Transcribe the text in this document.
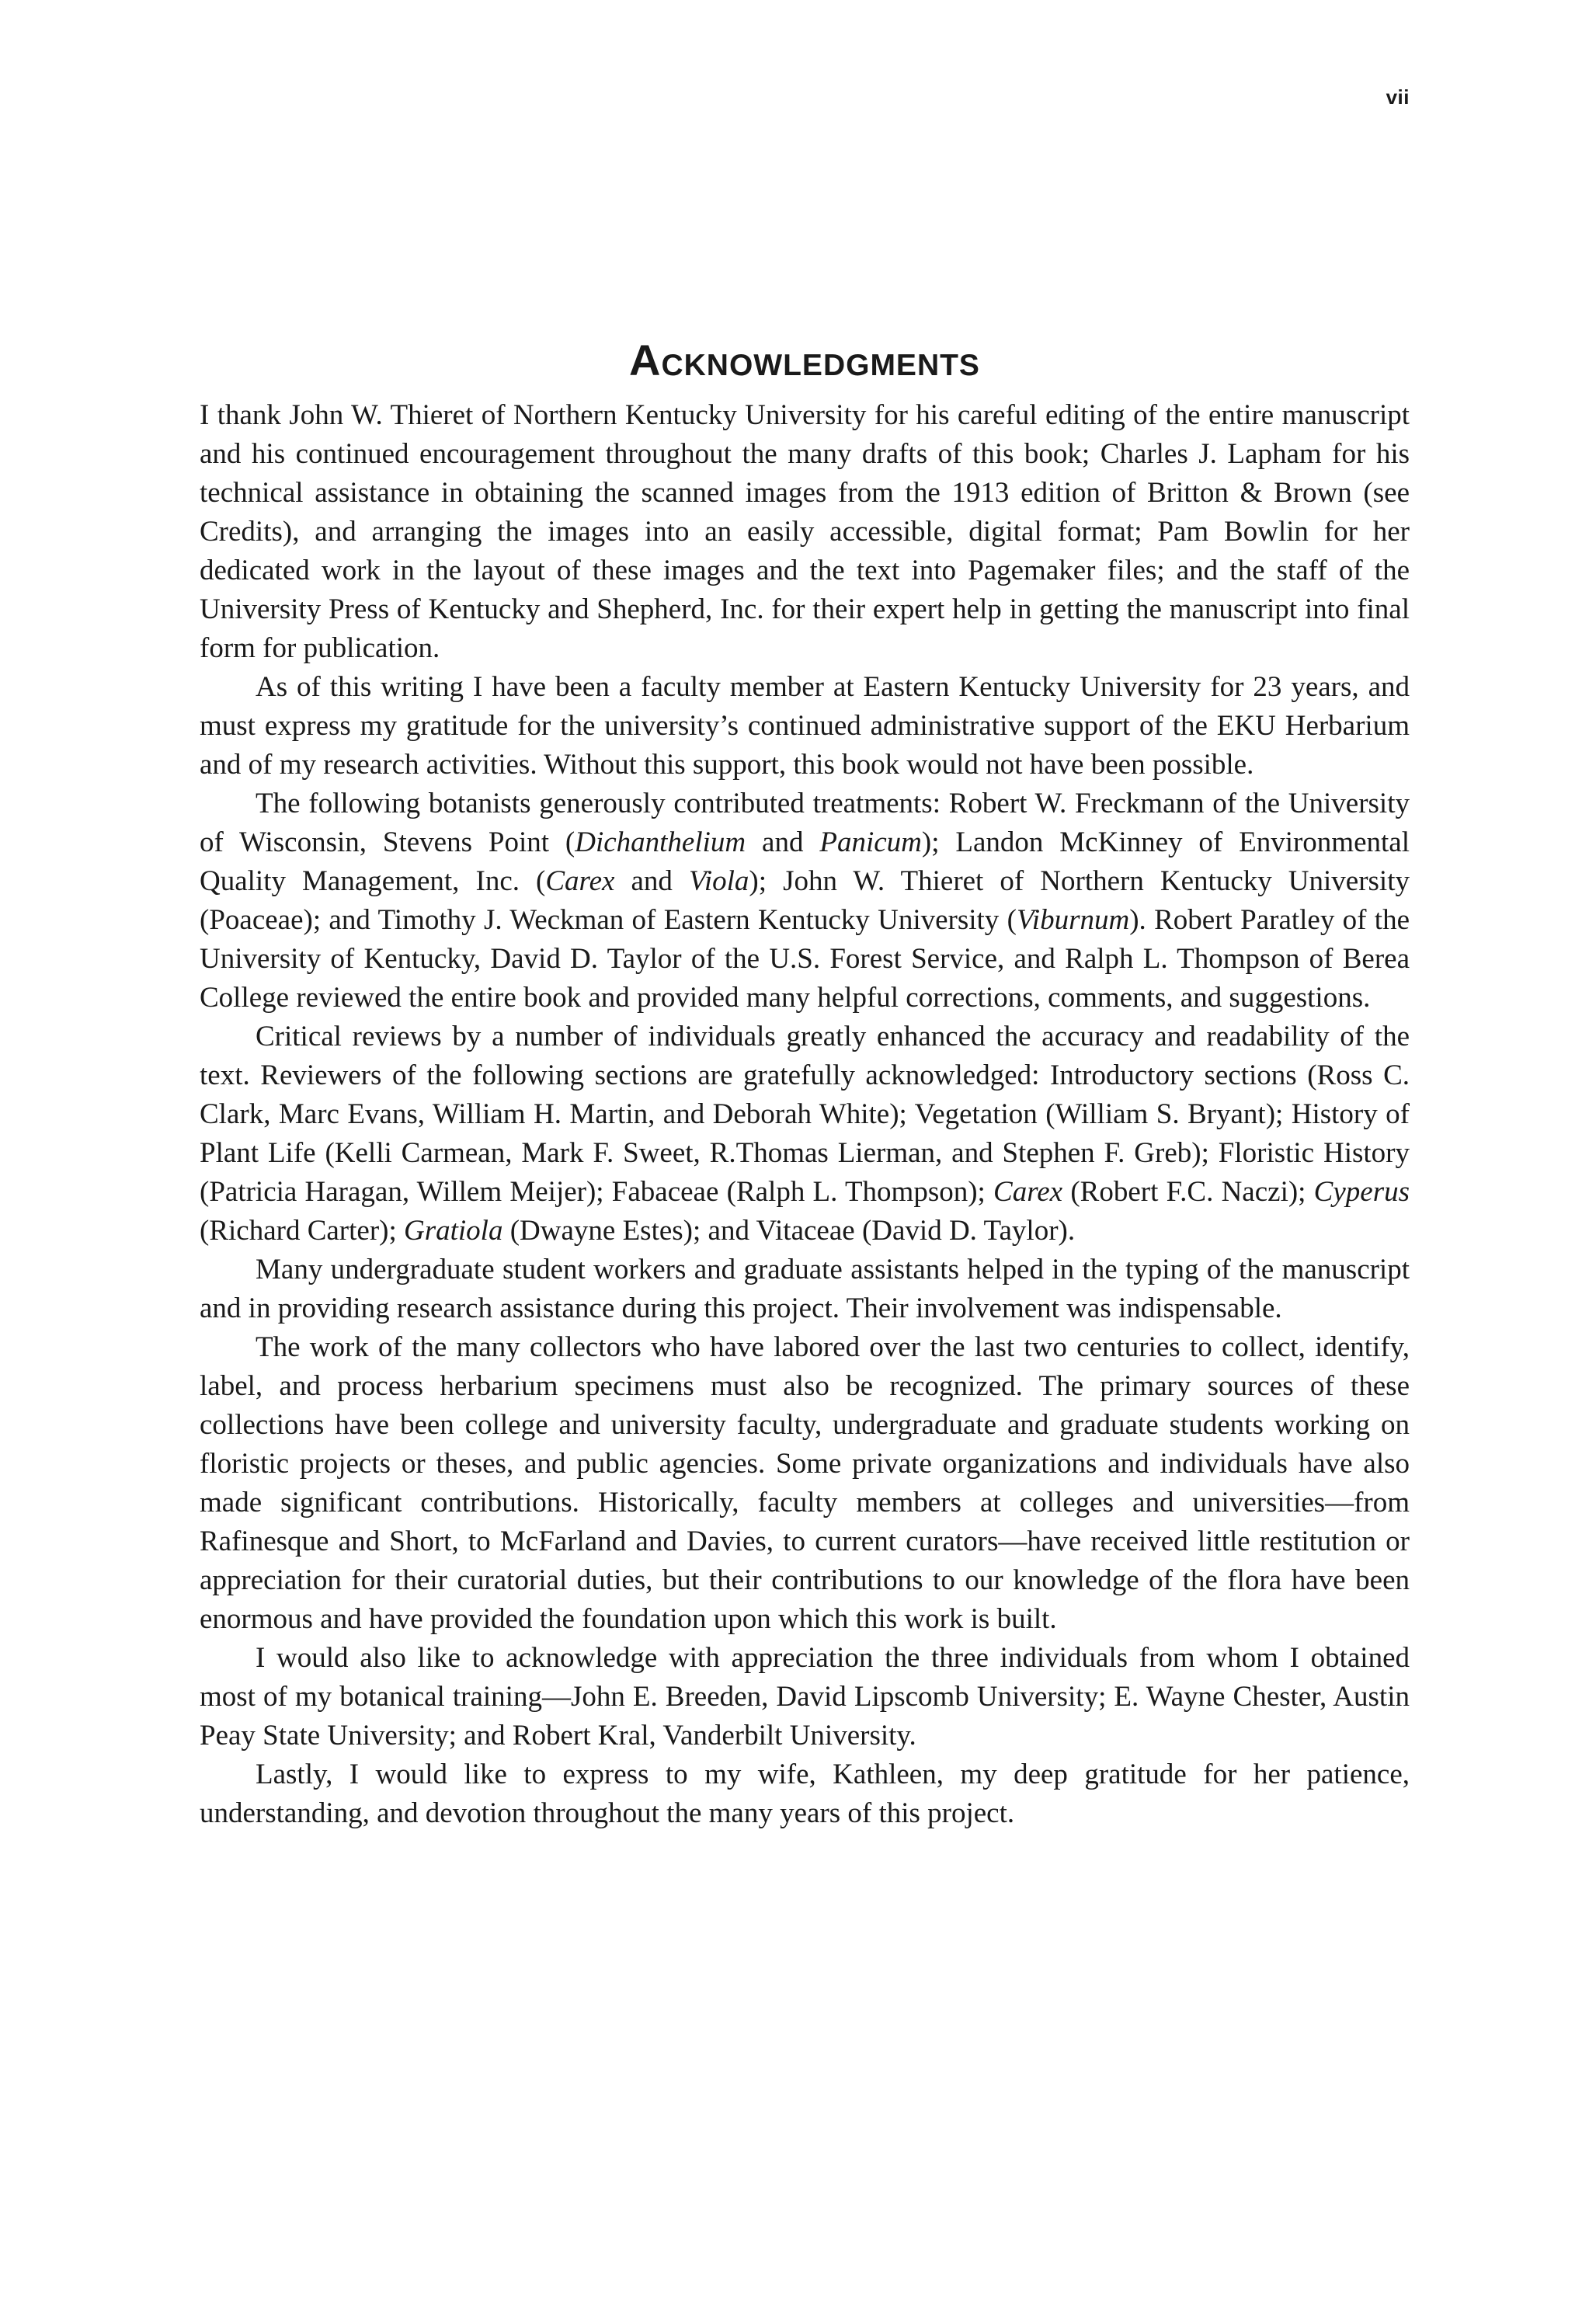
vii
Acknowledgments

I thank John W. Thieret of Northern Kentucky University for his careful editing of the entire manuscript and his continued encouragement throughout the many drafts of this book; Charles J. Lapham for his technical assistance in obtaining the scanned images from the 1913 edition of Britton & Brown (see Credits), and arranging the images into an easily accessible, digital format; Pam Bowlin for her dedicated work in the layout of these images and the text into Pagemaker files; and the staff of the University Press of Kentucky and Shepherd, Inc. for their expert help in getting the manuscript into final form for publication.

As of this writing I have been a faculty member at Eastern Kentucky University for 23 years, and must express my gratitude for the university’s continued administrative support of the EKU Herbarium and of my research activities. Without this support, this book would not have been possible.

The following botanists generously contributed treatments: Robert W. Freckmann of the University of Wisconsin, Stevens Point (Dichanthelium and Panicum); Landon McKinney of Environmental Quality Management, Inc. (Carex and Viola); John W. Thieret of Northern Kentucky University (Poaceae); and Timothy J. Weckman of Eastern Kentucky University (Viburnum). Robert Paratley of the University of Kentucky, David D. Taylor of the U.S. Forest Service, and Ralph L. Thompson of Berea College reviewed the entire book and provided many helpful corrections, comments, and suggestions.

Critical reviews by a number of individuals greatly enhanced the accuracy and readability of the text. Reviewers of the following sections are gratefully acknowledged: Introductory sections (Ross C. Clark, Marc Evans, William H. Martin, and Deborah White); Vegetation (William S. Bryant); History of Plant Life (Kelli Carmean, Mark F. Sweet, R.Thomas Lierman, and Stephen F. Greb); Floristic History (Patricia Haragan, Willem Meijer); Fabaceae (Ralph L. Thompson); Carex (Robert F.C. Naczi); Cyperus (Richard Carter); Gratiola (Dwayne Estes); and Vitaceae (David D. Taylor).

Many undergraduate student workers and graduate assistants helped in the typing of the manuscript and in providing research assistance during this project. Their involvement was indispensable.

The work of the many collectors who have labored over the last two centuries to collect, identify, label, and process herbarium specimens must also be recognized. The primary sources of these collections have been college and university faculty, undergraduate and graduate students working on floristic projects or theses, and public agencies. Some private organizations and individuals have also made significant contributions. Historically, faculty members at colleges and universities—from Rafinesque and Short, to McFarland and Davies, to current curators—have received little restitution or appreciation for their curatorial duties, but their contributions to our knowledge of the flora have been enormous and have provided the foundation upon which this work is built.

I would also like to acknowledge with appreciation the three individuals from whom I obtained most of my botanical training—John E. Breeden, David Lipscomb University; E. Wayne Chester, Austin Peay State University; and Robert Kral, Vanderbilt University.

Lastly, I would like to express to my wife, Kathleen, my deep gratitude for her patience, understanding, and devotion throughout the many years of this project.
